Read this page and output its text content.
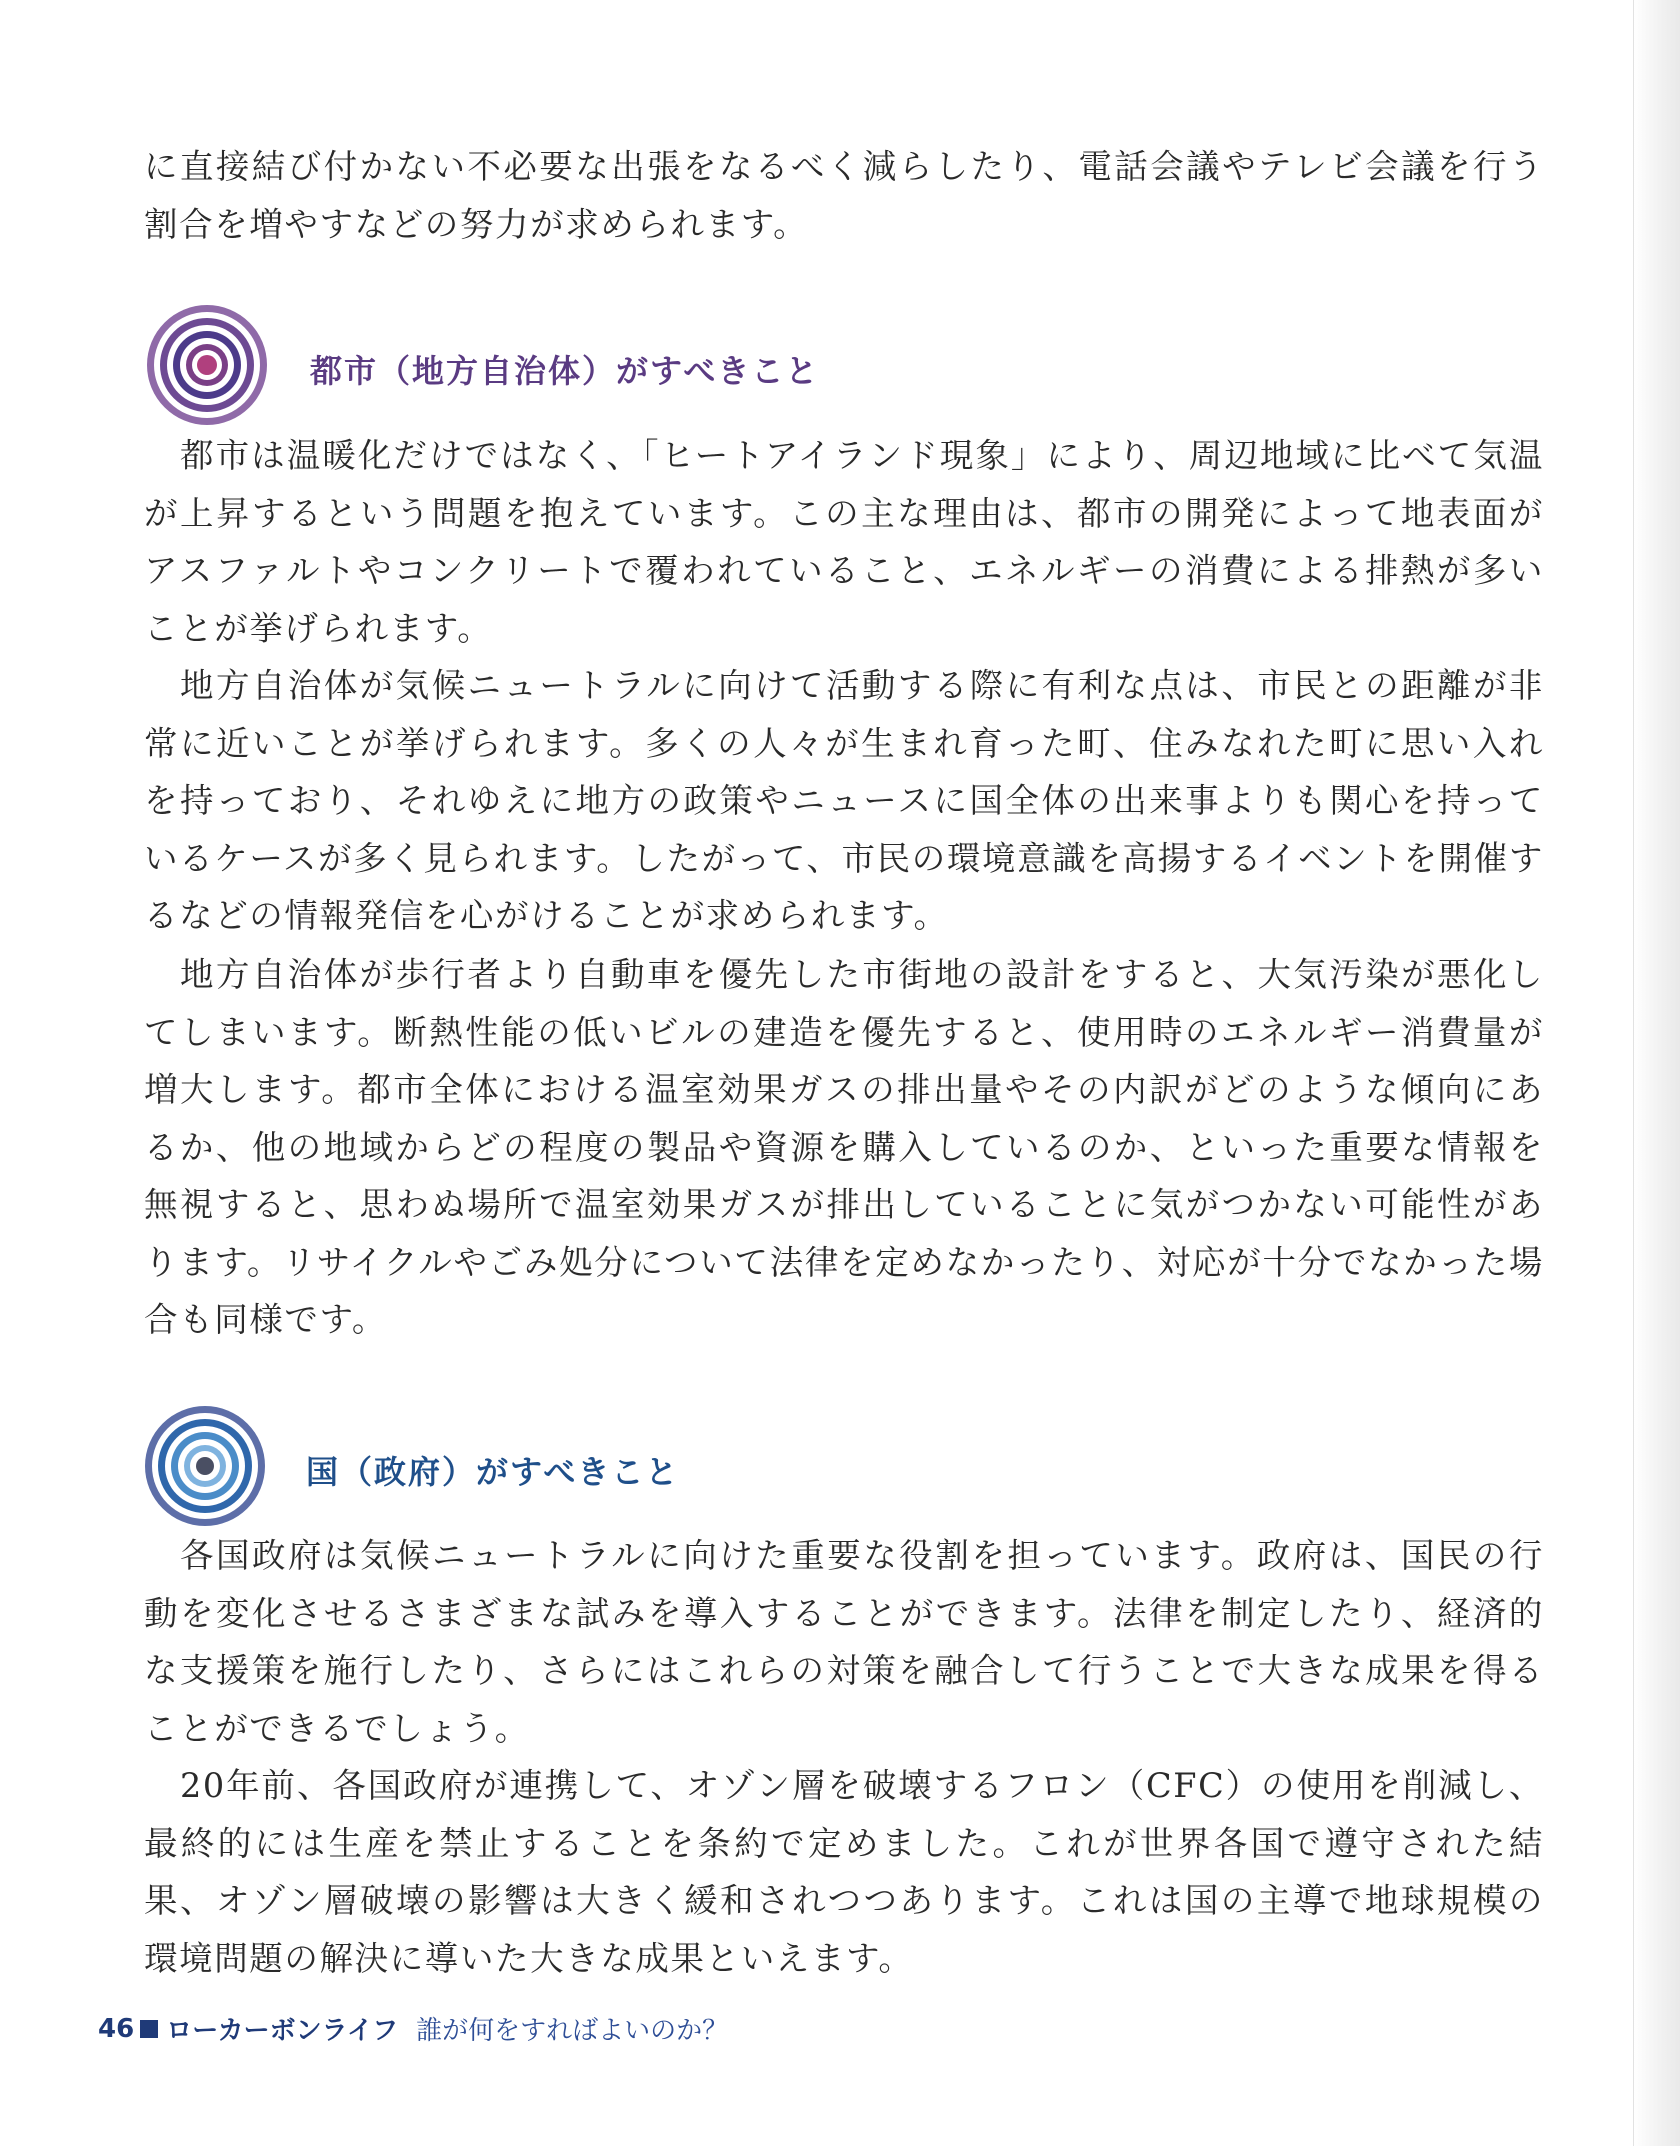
に直接結び付かない不必要な出張をなるべく減らしたり、電話会議やテレビ会議を行う割合を増やすなどの努力が求められます。

都市（地方自治体）がすべきこと

都市は温暖化だけではなく、「ヒートアイランド現象」により、周辺地域に比べて気温が上昇するという問題を抱えています。この主な理由は、都市の開発によって地表面がアスファルトやコンクリートで覆われていること、エネルギーの消費による排熱が多いことが挙げられます。

地方自治体が気候ニュートラルに向けて活動する際に有利な点は、市民との距離が非常に近いことが挙げられます。多くの人々が生まれ育った町、住みなれた町に思い入れを持っており、それゆえに地方の政策やニュースに国全体の出来事よりも関心を持っているケースが多く見られます。したがって、市民の環境意識を高揚するイベントを開催するなどの情報発信を心がけることが求められます。

地方自治体が歩行者より自動車を優先した市街地の設計をすると、大気汚染が悪化してしまいます。断熱性能の低いビルの建造を優先すると、使用時のエネルギー消費量が増大します。都市全体における温室効果ガスの排出量やその内訳がどのような傾向にあるか、他の地域からどの程度の製品や資源を購入しているのか、といった重要な情報を無視すると、思わぬ場所で温室効果ガスが排出していることに気がつかない可能性があります。リサイクルやごみ処分について法律を定めなかったり、対応が十分でなかった場合も同様です。

国（政府）がすべきこと

各国政府は気候ニュートラルに向けた重要な役割を担っています。政府は、国民の行動を変化させるさまざまな試みを導入することができます。法律を制定したり、経済的な支援策を施行したり、さらにはこれらの対策を融合して行うことで大きな成果を得ることができるでしょう。

20年前、各国政府が連携して、オゾン層を破壊するフロン（CFC）の使用を削減し、最終的には生産を禁止することを条約で定めました。これが世界各国で遵守された結果、オゾン層破壊の影響は大きく緩和されつつあります。これは国の主導で地球規模の環境問題の解決に導いた大きな成果といえます。

46 ローカーボンライフ 誰が何をすればよいのか？
